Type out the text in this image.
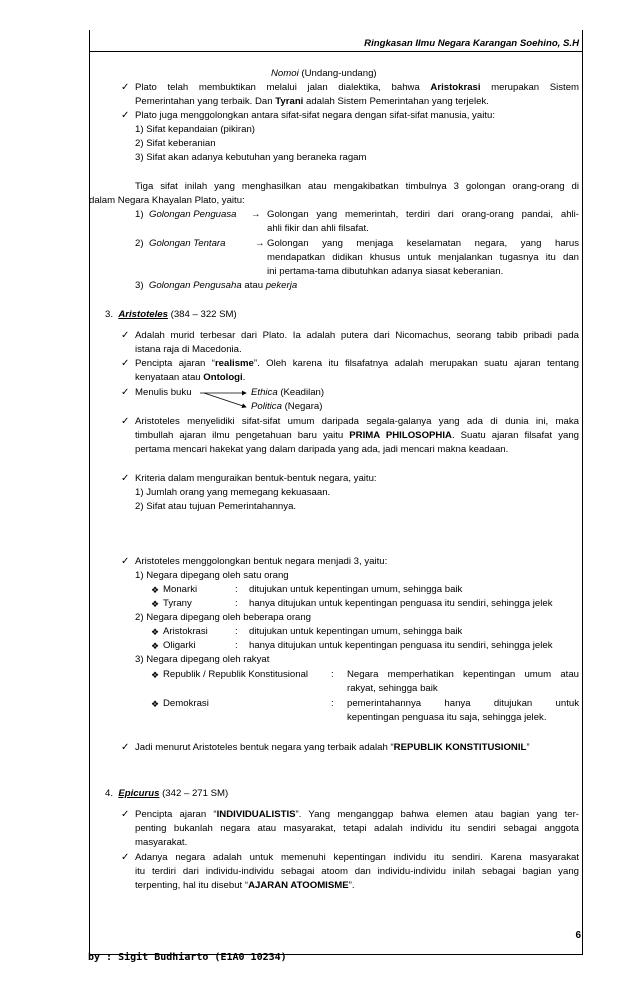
Ringkasan Ilmu Negara Karangan Soehino, S.H
Nomoi (Undang-undang)
✓ Plato telah membuktikan melalui jalan dialektika, bahwa Aristokrasi merupakan Sistem
Pemerintahan yang terbaik. Dan Tyrani adalah Sistem Pemerintahan yang terjelek.
✓ Plato juga menggolongkan antara sifat-sifat negara dengan sifat-sifat manusia, yaitu:
1) Sifat kepandaian (pikiran)
2) Sifat keberanian
3) Sifat akan adanya kebutuhan yang beraneka ragam
Tiga sifat inilah yang menghasilkan atau mengakibatkan timbulnya 3 golongan orang-orang di
dalam Negara Khayalan Plato, yaitu:
1) Golongan Penguasa → Golongan yang memerintah, terdiri dari orang-orang pandai, ahli-
ahli fikir dan ahli filsafat.
2) Golongan Tentara	→ Golongan yang menjaga keselamatan negara, yang harus
mendapatkan didikan khusus untuk menjalankan tugasnya itu dan
ini pertama-tama dibutuhkan adanya siasat keberanian.
3) Golongan Pengusaha atau pekerja
3. Aristoteles (384 – 322 SM)
✓ Adalah murid terbesar dari Plato. Ia adalah putera dari Nicomachus, seorang tabib pribadi pada
istana raja di Macedonia.
✓ Pencipta ajaran “realisme”. Oleh karena itu filsafatnya adalah merupakan suatu ajaran tentang
kenyataan atau Ontologi.
✓ Menulis buku	Ethica (Keadilan)
Politica (Negara)
✓ Aristoteles menyelidiki sifat-sifat umum daripada segala-galanya yang ada di dunia ini, maka
timbullah ajaran ilmu pengetahuan baru yaitu PRIMA PHILOSOPHIA. Suatu ajaran filsafat yang
pertama mencari hakekat yang dalam daripada yang ada, jadi mencari makna keadaan.
✓ Kriteria dalam menguraikan bentuk-bentuk negara, yaitu:
1) Jumlah orang yang memegang kekuasaan.
2) Sifat atau tujuan Pemerintahannya.
✓ Aristoteles menggolongkan bentuk negara menjadi 3, yaitu:
1) Negara dipegang oleh satu orang
❖ Monarki	: ditujukan untuk kepentingan umum, sehingga baik
❖ Tyrany	: hanya ditujukan untuk kepentingan penguasa itu sendiri, sehingga jelek
2) Negara dipegang oleh beberapa orang
❖ Aristokrasi	: ditujukan untuk kepentingan umum, sehingga baik
❖ Oligarki	: hanya ditujukan untuk kepentingan penguasa itu sendiri, sehingga jelek
3) Negara dipegang oleh rakyat
❖ Republik / Republik Konstitusional : Negara memperhatikan kepentingan umum atau
rakyat, sehingga baik
❖ Demokrasi	: pemerintahannya hanya ditujukan untuk
kepentingan penguasa itu saja, sehingga jelek.
✓ Jadi menurut Aristoteles bentuk negara yang terbaik adalah “REPUBLIK KONSTITUSIONIL”
4. Epicurus (342 – 271 SM)
✓ Pencipta ajaran “INDIVIDUALISTIS”. Yang menganggap bahwa elemen atau bagian yang ter-
penting bukanlah negara atau masyarakat, tetapi adalah individu itu sendiri sebagai anggota
masyarakat.
✓ Adanya negara adalah untuk memenuhi kepentingan individu itu sendiri. Karena masyarakat
itu terdiri dari individu-individu sebagai atoom dan individu-individu inilah sebagai bagian yang
terpenting, hal itu disebut “AJARAN ATOOMISME”.
6
by : Sigit Budhiarto (E1A0 10234)
